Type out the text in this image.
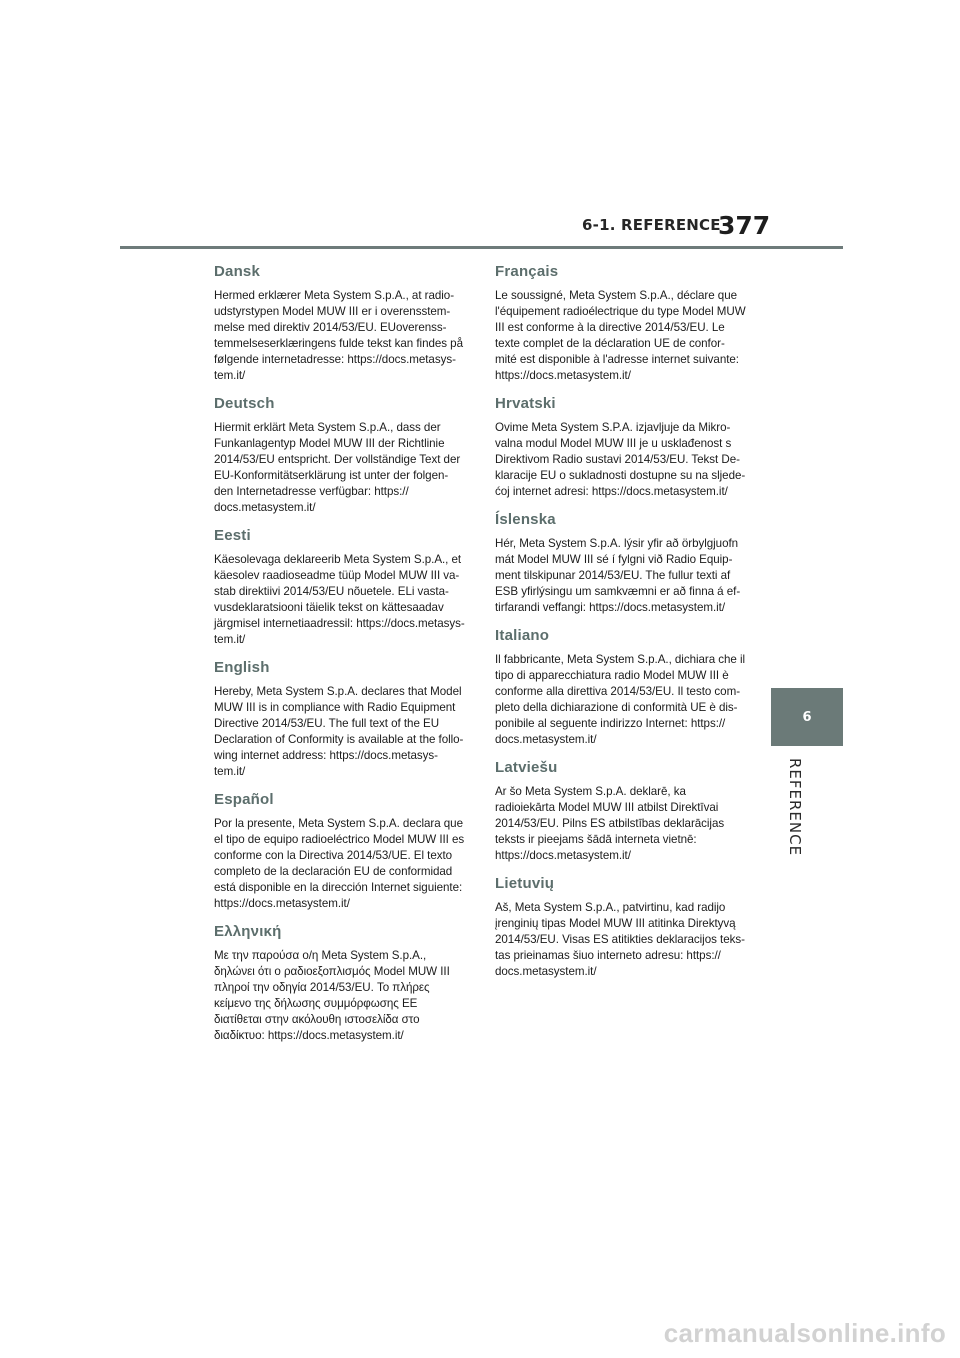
6-1. REFERENCE
377
Dansk

Hermed erklærer Meta System S.p.A., at radio- udstyrstypen Model MUW III er i overensstem- melse med direktiv 2014/53/EU. EUoverenss- temmelseserklæringens fulde tekst kan findes på følgende internetadresse: https://docs.metasys- tem.it/

Deutsch

Hiermit erklärt Meta System S.p.A., dass der Funkanlagentyp Model MUW III der Richtlinie 2014/53/EU entspricht. Der vollständige Text der EU-Konformitätserklärung ist unter der folgen- den Internetadresse verfügbar: https:// docs.metasystem.it/

Eesti

Käesolevaga deklareerib Meta System S.p.A., et käesolev raadioseadme tüüp Model MUW III va- stab direktiivi 2014/53/EU nõuetele. ELi vasta- vusdeklaratsiooni täielik tekst on kättesaadav järgmisel internetiaadressil: https://docs.metasys- tem.it/

English

Hereby, Meta System S.p.A. declares that Model MUW III is in compliance with Radio Equipment Directive 2014/53/EU. The full text of the EU Declaration of Conformity is available at the follo- wing internet address: https://docs.metasys- tem.it/

Español

Por la presente, Meta System S.p.A. declara que el tipo de equipo radioeléctrico Model MUW III es conforme con la Directiva 2014/53/UE. El texto completo de la declaración EU de conformidad está disponible en la dirección Internet siguiente: https://docs.metasystem.it/

Ελληνική

Με την παρούσα ο/η Meta System S.p.A., δηλώνει ότι ο ραδιοεξοπλισμός Model MUW III πληροί την οδηγία 2014/53/EU. Το πλήρες κείμενο της δήλωσης συμμόρφωσης ΕΕ διατίθεται στην ακόλουθη ιστοσελίδα στο διαδίκτυο: https://docs.metasystem.it/

Français

Le soussigné, Meta System S.p.A., déclare que l'équipement radioélectrique du type Model MUW III est conforme à la directive 2014/53/EU. Le texte complet de la déclaration UE de confor- mité est disponible à l'adresse internet suivante: https://docs.metasystem.it/

Hrvatski

Ovime Meta System S.P.A. izjavljuje da Mikro- valna modul Model MUW III je u usklađenost s Direktivom Radio sustavi 2014/53/EU. Tekst De- klaracije EU o sukladnosti dostupne su na sljede- ćoj internet adresi: https://docs.metasystem.it/

Íslenska

Hér, Meta System S.p.A. lýsir yfir að örbylgjuofn mát Model MUW III sé í fylgni við Radio Equip- ment tilskipunar 2014/53/EU. The fullur texti af ESB yfirlýsingu um samkvæmni er að finna á ef- tirfarandi veffangi: https://docs.metasystem.it/

Italiano

Il fabbricante, Meta System S.p.A., dichiara che il tipo di apparecchiatura radio Model MUW III è conforme alla direttiva 2014/53/EU. Il testo com- pleto della dichiarazione di conformità UE è dis- ponibile al seguente indirizzo Internet: https:// docs.metasystem.it/

Latviešu

Ar šo Meta System S.p.A. deklarē, ka radioiekārta Model MUW III atbilst Direktīvai 2014/53/EU. Pilns ES atbilstības deklarācijas teksts ir pieejams šādā interneta vietnē: https://docs.metasystem.it/

Lietuvių

Aš, Meta System S.p.A., patvirtinu, kad radijo įrenginių tipas Model MUW III atitinka Direktyvą 2014/53/EU. Visas ES atitikties deklaracijos teks- tas prieinamas šiuo interneto adresu: https:// docs.metasystem.it/

6
REFERENCE
carmanualsonline.info
